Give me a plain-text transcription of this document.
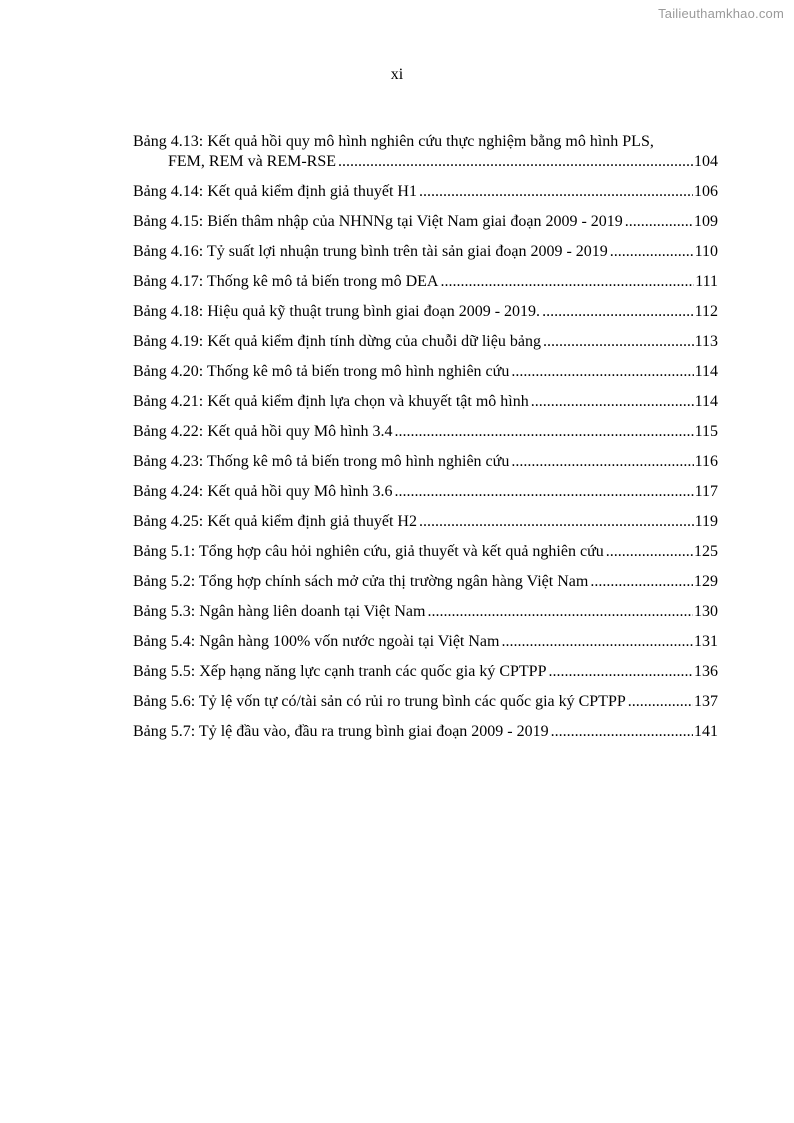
Tailieuthamkhao.com
xi
Bảng 4.13: Kết quả hồi quy mô hình nghiên cứu thực nghiệm bằng mô hình PLS,
FEM, REM và REM-RSE .....	104
Bảng 4.14: Kết quả kiểm định giả thuyết H1 .....	106
Bảng 4.15: Biến thâm nhập của NHNNg tại Việt Nam giai đoạn 2009 - 2019 .....	109
Bảng 4.16: Tỷ suất lợi nhuận trung bình trên tài sản giai đoạn 2009 - 2019 .....	110
Bảng 4.17: Thống kê mô tả biến trong mô DEA .....	111
Bảng 4.18: Hiệu quả kỹ thuật trung bình giai đoạn 2009 - 2019. .....	112
Bảng 4.19: Kết quả kiểm định tính dừng của chuỗi dữ liệu bảng .....	113
Bảng 4.20: Thống kê mô tả biến trong mô hình nghiên cứu .....	114
Bảng 4.21: Kết quả kiểm định lựa chọn và khuyết tật mô hình .....	114
Bảng 4.22: Kết quả hồi quy Mô hình 3.4 .....	115
Bảng 4.23: Thống kê mô tả biến trong mô hình nghiên cứu .....	116
Bảng 4.24: Kết quả hồi quy Mô hình 3.6 .....	117
Bảng 4.25: Kết quả kiểm định giả thuyết H2 .....	119
Bảng 5.1: Tổng hợp câu hỏi nghiên cứu, giả thuyết và kết quả nghiên cứu .....	125
Bảng 5.2: Tổng hợp chính sách mở cửa thị trường ngân hàng Việt Nam .....	129
Bảng 5.3: Ngân hàng liên doanh tại Việt Nam .....	130
Bảng 5.4: Ngân hàng 100% vốn nước ngoài tại Việt Nam .....	131
Bảng 5.5: Xếp hạng năng lực cạnh tranh các quốc gia ký CPTPP .....	136
Bảng 5.6: Tỷ lệ vốn tự có/tài sản có rủi ro trung bình các quốc gia ký CPTPP .....	137
Bảng 5.7: Tỷ lệ đầu vào, đầu ra trung bình giai đoạn 2009 - 2019 .....	141
